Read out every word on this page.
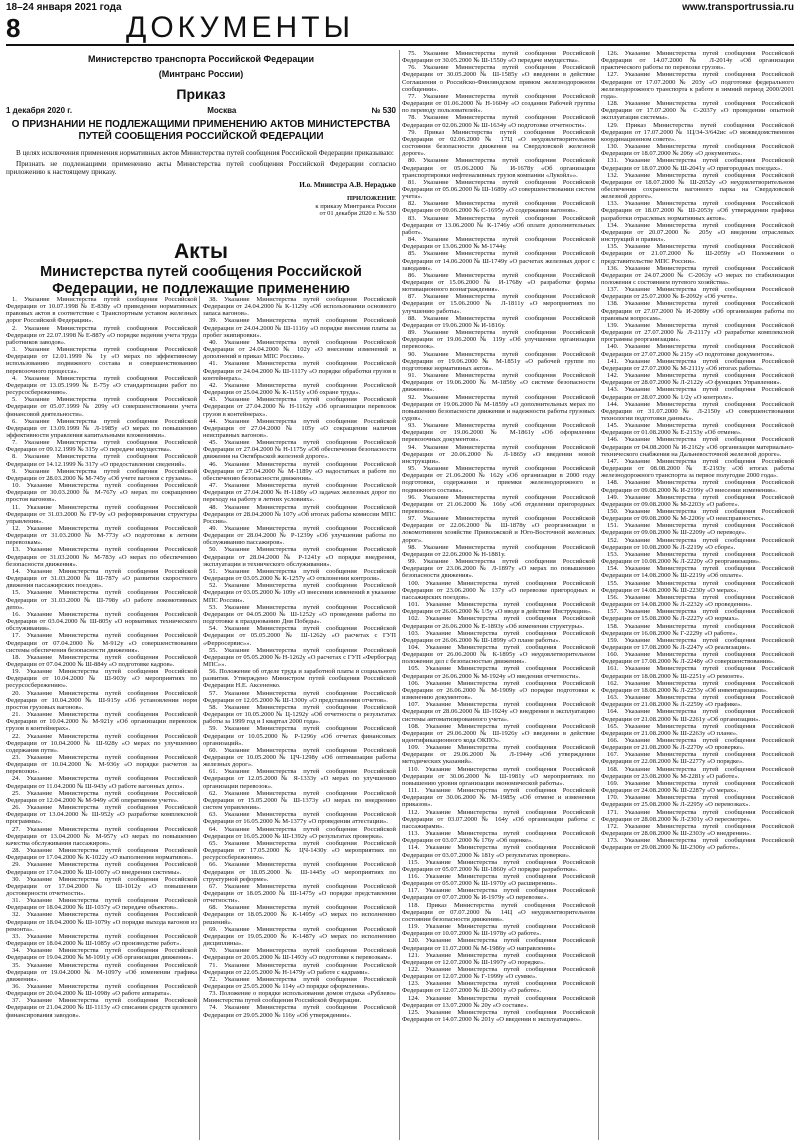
18–24 января 2021 года	www.transportrussia.ru
8	ДОКУМЕНТЫ
Министерство транспорта Российской Федерации
(Минтранс России)
Приказ
1 декабря 2020 г.	Москва	№ 530
О ПРИЗНАНИИ НЕ ПОДЛЕЖАЩИМИ ПРИМЕНЕНИЮ АКТОВ МИНИСТЕРСТВА ПУТЕЙ СООБЩЕНИЯ РОССИЙСКОЙ ФЕДЕРАЦИИ

В целях исключения применения нормативных актов Министерства путей сообщения Российской Федерации приказываю:

Признать не подлежащими применению акты Министерства путей сообщения Российской Федерации согласно приложению к настоящему приказу.

И.о. Министра А.В. Нерадько
ПРИЛОЖЕНИЕ
к приказу Минтранса России
от 01 декабря 2020 г. № 530
Акты
Министерства путей сообщения Российской Федерации, не подлежащие применению

1. Указание Министерства путей сообщения Российской Федерации от 10.07.1998 № Е-838у «О приведении нормативных правовых актов в соответствие с Транспортным уставом железных дорог Российской Федерации».

2. Указание Министерства путей сообщения Российской Федерации от 22.07.1998 № Е-887у «О порядке ведения учета труда работников заводов».

3. Указание Министерства путей сообщения Российской Федерации от 12.01.1999 № 1у «О мерах по эффективному использованию подвижного состава и совершенствованию перевозочного процесса».

4. Указание Министерства путей сообщения Российской Федерации от 13.05.1999 № Е-75у «О стандартизации работ по ресурсосбережению».

5. Указание Министерства путей сообщения Российской Федерации от 05.07.1999 № 209у «О совершенствовании учета финансовой деятельности».

6. Указание Министерства путей сообщения Российской Федерации от 13.09.1999 № Л-1985у «О мерах по повышению эффективности управления капитальными вложениями».

7. Указание Министерства путей сообщения Российской Федерации от 09.12.1999 № 315у «О передаче имущества».

8. Указание Министерства путей сообщения Российской Федерации от 14.12.1999 № 317у «О предоставлении сведений».

9. Указание Министерства путей сообщения Российской Федерации от 28.03.2000 № М-745у «Об учете вагонов с грузами».

10. Указание Министерства путей сообщения Российской Федерации от 30.03.2000 № М-767у «О мерах по сокращению простоя вагонов».

11. Указание Министерства путей сообщения Российской Федерации от 31.03.2000 № ГР-9у «О реформировании структуры управления».

12. Указание Министерства путей сообщения Российской Федерации от 31.03.2000 № М-773у «О подготовке к летним перевозкам».

13. Указание Министерства путей сообщения Российской Федерации от 31.03.2000 № М-783у «О мерах по обеспечению безопасности движения».

14. Указание Министерства путей сообщения Российской Федерации от 31.03.2000 № Ш-787у «О развитии скоростного движения пассажирских поездов».

15. Указание Министерства путей сообщения Российской Федерации от 31.03.2000 № Ш-798у «О работе локомотивных депо».

16. Указание Министерства путей сообщения Российской Федерации от 03.04.2000 № Ш-805у «О нормативах технического обслуживания».

17. Указание Министерства путей сообщения Российской Федерации от 07.04.2000 № М-912у «О совершенствовании системы обеспечения безопасности движения».

18. Указание Министерства путей сообщения Российской Федерации от 07.04.2000 № Ш-884у «О подготовке кадров».

19. Указание Министерства путей сообщения Российской Федерации от 10.04.2000 № Ш-903у «О мероприятиях по ресурсосбережению».

20. Указание Министерства путей сообщения Российской Федерации от 10.04.2000 № Ш-915у «Об установлении норм простоя грузовых вагонов».

21. Указание Министерства путей сообщения Российской Федерации от 10.04.2000 № М-921у «Об организации перевозок грузов в контейнерах».

22. Указание Министерства путей сообщения Российской Федерации от 10.04.2000 № Ш-928у «О мерах по улучшению содержания пути».

23. Указание Министерства путей сообщения Российской Федерации от 10.04.2000 № М-936у «О порядке расчетов за перевозки».

24. Указание Министерства путей сообщения Российской Федерации от 11.04.2000 № Ш-943у «О работе вагонных депо».

25. Указание Министерства путей сообщения Российской Федерации от 12.04.2000 № М-949у «Об оперативном учете».

26. Указание Министерства путей сообщения Российской Федерации от 13.04.2000 № Ш-952у «О разработке комплексной программы».

27. Указание Министерства путей сообщения Российской Федерации от 13.04.2000 № М-957у «О мерах по повышению качества обслуживания пассажиров».

28. Указание Министерства путей сообщения Российской Федерации от 17.04.2000 № К-1022у «О выполнении нормативов».

29. Указание Министерства путей сообщения Российской Федерации от 17.04.2000 № Ш-1007у «О внедрении системы».

30. Указание Министерства путей сообщения Российской Федерации от 17.04.2000 № Ш-1012у «О повышении достоверности отчетности».

31. Указание Министерства путей сообщения Российской Федерации от 18.04.2000 № Ш-1037у «О передаче объектов».

32. Указание Министерства путей сообщения Российской Федерации от 18.04.2000 № Ш-1079у «О порядке выхода вагонов из ремонта».

33. Указание Министерства путей сообщения Российской Федерации от 18.04.2000 № Ш-1085у «О производстве работ».

34. Указание Министерства путей сообщения Российской Федерации от 19.04.2000 № М-1091у «Об организации движения».

35. Указание Министерства путей сообщения Российской Федерации от 19.04.2000 № М-1097у «Об изменении графика движения».

36. Указание Министерства путей сообщения Российской Федерации от 20.04.2000 № Ш-1098у «О работе аппарата».

37. Указание Министерства путей сообщения Российской Федерации от 21.04.2000 № Ш-1113у «О списании средств целевого финансирования заводов».

38. Указание Министерства путей сообщения Российской Федерации от 24.04.2000 № К-1129у «Об использовании основного запаса вагонов».

39. Указание Министерства путей сообщения Российской Федерации от 24.04.2000 № Ш-1116у «О порядке внесения платы за пробег экипировки».

40. Указание Министерства путей сообщения Российской Федерации от 24.04.2000 № 102у «О внесении изменений и дополнений в приказ МПС России».

41. Указание Министерства путей сообщения Российской Федерации от 24.04.2000 № Ш-1117у «О порядке обработки грузов в контейнерах».

42. Указание Министерства путей сообщения Российской Федерации от 25.04.2000 № К-1151у «Об охране труда».

43. Указание Министерства путей сообщения Российской Федерации от 27.04.2000 № Н-1162у «Об организации перевозок грузов в контейнерах».

44. Указание Министерства путей сообщения Российской Федерации от 27.04.2000 № 105у «О сокращении наличия неисправных вагонов».

45. Указание Министерства путей сообщения Российской Федерации от 27.04.2000 № Н-1175у «Об обеспечении безопасности движения на Октябрьской железной дороге».

46. Указание Министерства путей сообщения Российской Федерации от 27.04.2000 № М-1189у «О надостатках в работе по обеспечению безопасности движения».

47. Указание Министерства путей сообщения Российской Федерации от 27.04.2000 № Н-1186у «О задачах железных дорог по переходу на работу в летних условиях».

48. Указание Министерства путей сообщения Российской Федерации от 28.04.2000 № 107у «Об итогах работы комиссии МПС России».

49. Указание Министерства путей сообщения Российской Федерации от 28.04.2000 № Р-1239у «Об улучшении работы по обслуживанию пассажиров».

50. Указание Министерства путей сообщения Российской Федерации от 28.04.2000 № Р-1241у «О порядке внедрения, эксплуатации и технического обслуживания».

51. Указание Министерства путей сообщения Российской Федерации от 03.05.2000 № К-1257у «О отклонении контроля».

52. Указание Министерства путей сообщения Российской Федерации от 03.05.2000 № 109у «О внесении изменений в указание МПС России».

53. Указание Министерства путей сообщения Российской Федерации от 04.05.2000 № Ш-1252у «О проведении работы по подготовке к празднованию Дня Победы».

54. Указание Министерства путей сообщения Российской Федерации от 05.05.2000 № Ш-1262у «О расчетах с ГУП «Ферросервис»».

55. Указание Министерства путей сообщения Российской Федерации от 05.05.2000 № Н-1262у «О расчетах с ГУП «Фербоград МПС»».

56. Положение об отделе труда и заработной платы и социального развития. Утверждено Министром путей сообщения Российской Федерации Н.Е. Аксененко.

57. Указание Министерства путей сообщения Российской Федерации от 12.05.2000 № Ш-1300у «О представлении отчетов».

58. Указание Министерства путей сообщения Российской Федерации от 10.05.2000 № Ц-1292у «Об отчетности о результатах работы за 1999 год и I квартал 2000 года».

59. Указание Министерства путей сообщения Российской Федерации от 10.05.2000 № Р-1296у «Об отчетах финансовых организаций».

60. Указание Министерства путей сообщения Российской Федерации от 10.05.2000 № ЦЧ-1298у «Об оптимизации работы железных дорог».

61. Указание Министерства путей сообщения Российской Федерации от 12.05.2000 № Я-1333у «О мерах по улучшению организации перевозок».

62. Указание Министерства путей сообщения Российской Федерации от 15.05.2000 № Ш-1373у «О мерах по внедрению систем управления».

63. Указание Министерства путей сообщения Российской Федерации от 16.05.2000 № М-1377у «О проведении аттестации».

64. Указание Министерства путей сообщения Российской Федерации от 16.05.2000 № Ш-1392у «О результатах проверки».

65. Указание Министерства путей сообщения Российской Федерации от 17.05.2000 № ЦЧ-1430у «О мероприятиях по ресурсосбережению».

66. Указание Министерства путей сообщения Российской Федерации от 18.05.2000 № Ш-1445у «О мероприятиях по структурной реформе».

67. Указание Министерства путей сообщения Российской Федерации от 18.05.2000 № Ш-1475у «О порядке представления отчетности».

68. Указание Министерства путей сообщения Российской Федерации от 18.05.2000 № К-1495у «О мерах по исполнению решений».

69. Указание Министерства путей сообщения Российской Федерации от 19.05.2000 № К-1487у «О мерах по исполнению дисциплины».

70. Указание Министерства путей сообщения Российской Федерации от 20.05.2000 № Ш-1493у «О подготовке к перевозкам».

71. Указание Министерства путей сообщения Российской Федерации от 22.05.2000 № Н-1479у «О работе с кадрами».

72. Указание Министерства путей сообщения Российской Федерации от 25.05.2000 № 114у «О порядке оформления».

73. Положение о порядке использования домов отдыха «Рублево» Министерства путей сообщения Российской Федерации.

74. Указание Министерства путей сообщения Российской Федерации от 29.05.2000 № 116у «Об утверждении».

75. Указание Министерства путей сообщения Российской Федерации от 30.05.2000 № Ш-1550у «О передаче имущества».

76. Указание Министерства путей сообщения Российской Федерации от 30.05.2000 № Ш-1585у «О введении в действие Соглашения о Российско-Финляндском прямом железнодорожном сообщении».

77. Указание Министерства путей сообщения Российской Федерации от 01.06.2000 № Н-1604у «О создании Рабочей группы по переводу пользователей».

78. Указание Министерства путей сообщения Российской Федерации от 02.06.2000 № Ш-1634у «О подготовке отчетности».

79. Приказ Министерства путей сообщения Российской Федерации от 02.06.2000 № 17Ц «О неудовлетворительном состоянии безопасности движения на Свердловской железной дороге».

80. Указание Министерства путей сообщения Российской Федерации от 05.06.2000 № И-1678у «Об организации транспортировки нефтеналивных грузов компании «Лукойл»».

81. Указание Министерства путей сообщения Российской Федерации от 05.06.2000 № Ш-1689у «О совершенствовании систем учета».

82. Указание Министерства путей сообщения Российской Федерации от 09.06.2000 № С-1695у «О содержании вагонов».

83. Указание Министерства путей сообщения Российской Федерации от 13.06.2000 № К-1746у «Об оплате дополнительных работ».

84. Указание Министерства путей сообщения Российской Федерации от 13.06.2000 № М-1744у.

85. Указание Министерства путей сообщения Российской Федерации от 14.06.2000 № Ш-1749у «О расчетах железных дорог с заводами».

86. Указание Министерства путей сообщения Российской Федерации от 15.06.2000 № И-1768у «О разработке формы мотивационного вознаграждения».

87. Указание Министерства путей сообщения Российской Федерации от 15.06.2000 № Л-1811у «О мероприятиях по улучшению работы».

88. Указание Министерства путей сообщения Российской Федерации от 19.06.2000 № И-1816у.

89. Указание Министерства путей сообщения Российской Федерации от 19.06.2000 № 119у «Об улучшении организации перевозок».

90. Указание Министерства путей сообщения Российской Федерации от 19.06.2000 № М-1851у «О рабочей группе по подготовке нормативных актов».

91. Указание Министерства путей сообщения Российской Федерации от 19.06.2000 № М-1856у «О системе безопасности движения».

92. Указание Министерства путей сообщения Российской Федерации от 19.06.2000 № М-1859у «О дополнительных мерах по повышению безопасности движения и надежности работы грузовых судов».

93. Указание Министерства путей сообщения Российской Федерации от 19.06.2000 № М-1861у «Об оформлении перевозочных документов».

94. Указание Министерства путей сообщения Российской Федерации от 20.06.2000 № Л-1865у «О введении новой инструкции».

95. Указание Министерства путей сообщения Российской Федерации от 21.06.2000 № 162у «Об организации в 2000 году подготовки, содержании и приемки железнодорожного и подвижного состава».

96. Указание Министерства путей сообщения Российской Федерации от 21.06.2000 № 166у «Об отделении пригородных перевозок».

97. Указание Министерства путей сообщения Российской Федерации от 22.06.2000 № Ш-1878у «О реорганизации в локомотивном хозяйстве Приволжской и Юго-Восточной железных дорог».

98. Указание Министерства путей сообщения Российской Федерации от 22.06.2000 № Н-1881у.

99. Указание Министерства путей сообщения Российской Федерации от 23.06.2000 № Л-1897у «О мерах по повышению безопасности движения».

100. Указание Министерства путей сообщения Российской Федерации от 23.06.2000 № 137у «О перевозке пригородных и пассажирских поездов».

101. Указание Министерства путей сообщения Российской Федерации от 26.06.2000 № 1/5у «О вводе в действие Инструкции».

102. Указание Министерства путей сообщения Российской Федерации от 26.06.2000 № Е-1893у «Об изменении структуры».

103. Указание Министерства путей сообщения Российской Федерации от 26.06.2000 № Ш-1899у «О плане работы».

104. Указание Министерства путей сообщения Российской Федерации от 26.06.2000 № К-1895у «О неудовлетворительном положении дел с безопасностью движения».

105. Указание Министерства путей сообщения Российской Федерации от 26.06.2000 № М-1924у «О введении отчетности».

106. Указание Министерства путей сообщения Российской Федерации от 26.06.2000 № М-1909у «О порядке подготовки к изменению документов».

107. Указание Министерства путей сообщения Российской Федерации от 28.06.2000 № Ш-1924у «О внедрении в эксплуатацию системы автоматизированного учета».

108. Указание Министерства путей сообщения Российской Федерации от 29.06.2000 № Ш-1926у «О введении в действие идентификационного кода ОКПО».

109. Указание Министерства путей сообщения Российской Федерации от 29.06.2000 № Л-1944у «Об утверждении методических указаний».

110. Указание Министерства путей сообщения Российской Федерации от 30.06.2000 № Ш-1981у «О мероприятиях по повышению уровня организации экономической работы».

111. Указание Министерства путей сообщения Российской Федерации от 30.06.2000 № М-1985у «Об отмене и изменении приказов».

112. Указание Министерства путей сообщения Российской Федерации от 03.07.2000 № 164у «Об организации работы с пассажирами».

113. Указание Министерства путей сообщения Российской Федерации от 03.07.2000 № 176у «Об оценке».

114. Указание Министерства путей сообщения Российской Федерации от 03.07.2000 № 181у «О результатах проверки».

115. Указание Министерства путей сообщения Российской Федерации от 05.07.2000 № Ш-1860у «О порядке разработки».

116. Указание Министерства путей сообщения Российской Федерации от 05.07.2000 № Ш-1970у «О расширении».

117. Указание Министерства путей сообщения Российской Федерации от 07.07.2000 № И-1979у «О перевозке».

118. Приказ Министерства путей сообщения Российской Федерации от 07.07.2000 № 14Ц «О неудовлетворительном состоянии безопасности движения».

119. Указание Министерства путей сообщения Российской Федерации от 10.07.2000 № Ш-1978у «О работе».

120. Указание Министерства путей сообщения Российской Федерации от 11.07.2000 № М-1986у «О направлении»

121. Указание Министерства путей сообщения Российской Федерации от 12.07.2000 № Ш-1997у «О порядке».

122. Указание Министерства путей сообщения Российской Федерации от 12.07.2000 № Г-1999у «О сумме».

123. Указание Министерства путей сообщения Российской Федерации от 12.07.2000 № Ш-2001у «О работе».

124. Указание Министерства путей сообщения Российской Федерации от 13.07.2000 № 20у «О составе».

125. Указание Министерства путей сообщения Российской Федерации от 14.07.2000 № 201у «О введении в эксплуатацию».

126. Указание Министерства путей сообщения Российской Федерации от 14.07.2000 № Л-2014у «Об организации практического работы по перевозке грузов».

127. Указание Министерства путей сообщения Российской Федерации от 17.07.2000 № 203у «О подготовке федерального железнодорожного транспорта к работе в зимний период 2000/2001 года».

128. Указание Министерства путей сообщения Российской Федерации от 17.07.2000 № С-2037у «О проведении опытной эксплуатации системы».

129. Приказ Министерства путей сообщения Российской Федерации от 17.07.2000 № 1Ц/34-3/642ис «О межведомственном координационном совете».

130. Указание Министерства путей сообщения Российской Федерации от 18.07.2000 № 206у «О документах».

131. Указание Министерства путей сообщения Российской Федерации от 18.07.2000 № Ш-2041у «О пригородных поездах».

132. Указание Министерства путей сообщения Российской Федерации от 18.07.2000 № Ш-2052у «О неудовлетворительном обеспечении сохранности вагонного парка на Свердловской железной дороге».

133. Указание Министерства путей сообщения Российской Федерации от 18.07.2000 № Ш-2053у «Об утверждении графика разработки отраслевых нормативных актов».

134. Указание Министерства путей сообщения Российской Федерации от 20.07.2000 № 205у «О введении отраслевых инструкций и правил».

135. Указание Министерства путей сообщения Российской Федерации от 21.07.2000 № Ш-2059у «О Положении о представительстве МПС России».

136. Указание Министерства путей сообщения Российской Федерации от 24.07.2000 № С-2063у «О мерах по стабилизации положения с состоянием путевого хозяйства».

137. Указание Министерства путей сообщения Российской Федерации от 25.07.2000 № Б-2092у «Об учете».

138. Указание Министерства путей сообщения Российской Федерации от 27.07.2000 № И-2089у «Об организации работы по правовым вопросам».

139. Указание Министерства путей сообщения Российской Федерации от 27.07.2000 № Л-2117у «О разработке комплексной программы реорганизации».

140. Указание Министерства путей сообщения Российской Федерации от 27.07.2000 № 215у «О подготовке документов».

141. Указание Министерства путей сообщения Российской Федерации от 27.07.2000 № М-2111у «Об итогах работы».

142. Указание Министерства путей сообщения Российской Федерации от 28.07.2000 № Л-2122у «О функциях Управления».

143. Указание Министерства путей сообщения Российской Федерации от 28.07.2000 № 1/2у «О контроле».

144. Указание Министерства путей сообщения Российской Федерации от 31.07.2000 № Л-2150у «О совершенствовании технологии подготовки данных».

145. Указание Министерства путей сообщения Российской Федерации от 01.08.2000 № Е-2153у «Об отмене».

146. Указание Министерства путей сообщения Российской Федерации от 04.08.2000 № И-2162у «Об организации материально-технического снабжения на Дальневосточной железной дороге».

147. Указание Министерства путей сообщения Российской Федерации от 08.08.2000 № Е-2193у «Об итогах работы железнодорожного транспорта за первое полугодие 2000 года».

148. Указание Министерства путей сообщения Российской Федерации от 09.08.2000 № И-2199у «О внесении изменения».

149. Указание Министерства путей сообщения Российской Федерации от 09.08.2000 № М-2203у «О работе».

150. Указание Министерства путей сообщения Российской Федерации от 09.08.2000 № М-2206у «О неисправностях».

151. Указание Министерства путей сообщения Российской Федерации от 09.08.2000 № Ш-2209у «О переводе».

152. Указание Министерства путей сообщения Российской Федерации от 10.08.2000 № Л-2219у «О сборе».

153. Указание Министерства путей сообщения Российской Федерации от 10.08.2000 № Л-2220у «О реорганизации».

154. Указание Министерства путей сообщения Российской Федерации от 14.08.2000 № Ш-2219у «Об оплате».

155. Указание Министерства путей сообщения Российской Федерации от 14.08.2000 № Ш-2230у «О мерах».

156. Указание Министерства путей сообщения Российской Федерации от 14.08.2000 № Л-2232у «О проведении».

157. Указание Министерства путей сообщения Российской Федерации от 15.08.2000 № Л-2227у «О нормах».

158. Указание Министерства путей сообщения Российской Федерации от 16.08.2000 № Г-2229у «О работе».

159. Указание Министерства путей сообщения Российской Федерации от 17.08.2000 № Л-2247у «О реализации».

160. Указание Министерства путей сообщения Российской Федерации от 17.08.2000 № Л-2248у «О совершенствовании».

161. Указание Министерства путей сообщения Российской Федерации от 18.08.2000 № Ш-2251у «О ремонте».

162. Указание Министерства путей сообщения Российской Федерации от 18.08.2000 № Л-2253у «Об инвентаризации».

163. Указание Министерства путей сообщения Российской Федерации от 21.08.2000 № Л-2259у «О графике».

164. Указание Министерства путей сообщения Российской Федерации от 21.08.2000 № Ш-2261у «Об организации».

165. Указание Министерства путей сообщения Российской Федерации от 21.08.2000 № Ш-2263у «О плане».

166. Указание Министерства путей сообщения Российской Федерации от 21.08.2000 № Л-2270у «О проверке».

167. Указание Министерства путей сообщения Российской Федерации от 22.08.2000 № Ш-2277у «О порядке».

168. Указание Министерства путей сообщения Российской Федерации от 23.08.2000 № М-2281у «О работе».

169. Указание Министерства путей сообщения Российской Федерации от 24.08.2000 № Ш-2287у «О мерах».

170. Указание Министерства путей сообщения Российской Федерации от 25.08.2000 № Л-2295у «О перевозках».

171. Указание Министерства путей сообщения Российской Федерации от 28.08.2000 № Л-2301у «О пересмотре».

172. Указание Министерства путей сообщения Российской Федерации от 28.08.2000 № Ш-2303у «О внедрении».

173. Указание Министерства путей сообщения Российской Федерации от 29.08.2000 № Ш-2306у «О работе».
